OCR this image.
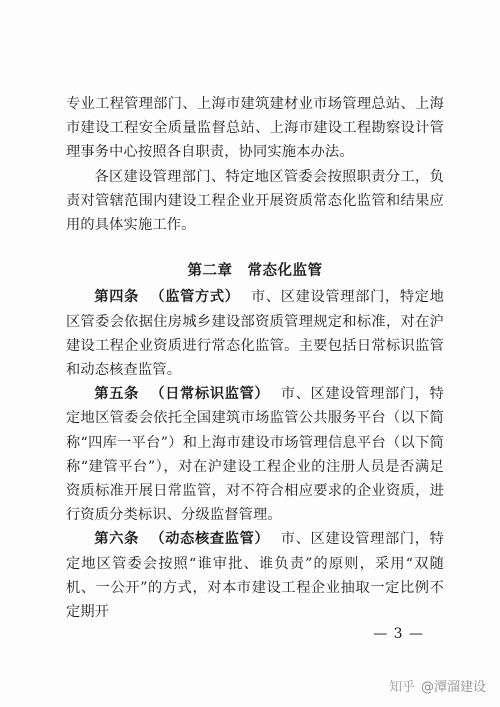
专业工程管理部门、上海市建筑建材业市场管理总站、上海市建设工程安全质量监督总站、上海市建设工程勘察设计管理事务中心按照各自职责，协同实施本办法。

各区建设管理部门、特定地区管委会按照职责分工，负责对管辖范围内建设工程企业开展资质常态化监管和结果应用的具体实施工作。

第二章　常态化监管

第四条 （监管方式） 市、区建设管理部门，特定地区管委会依据住房城乡建设部资质管理规定和标准，对在沪建设工程企业资质进行常态化监管。主要包括日常标识监管和动态核查监管。

第五条 （日常标识监管） 市、区建设管理部门，特定地区管委会依托全国建筑市场监管公共服务平台（以下简称“四库一平台”）和上海市建设市场管理信息平台（以下简称“建管平台”），对在沪建设工程企业的注册人员是否满足资质标准开展日常监管，对不符合相应要求的企业资质，进行资质分类标识、分级监督管理。

第六条 （动态核查监管） 市、区建设管理部门，特定地区管委会按照“谁审批、谁负责”的原则，采用“双随机、一公开”的方式，对本市建设工程企业抽取一定比例不定期开

— 3 —
知乎 @潭溜建设
